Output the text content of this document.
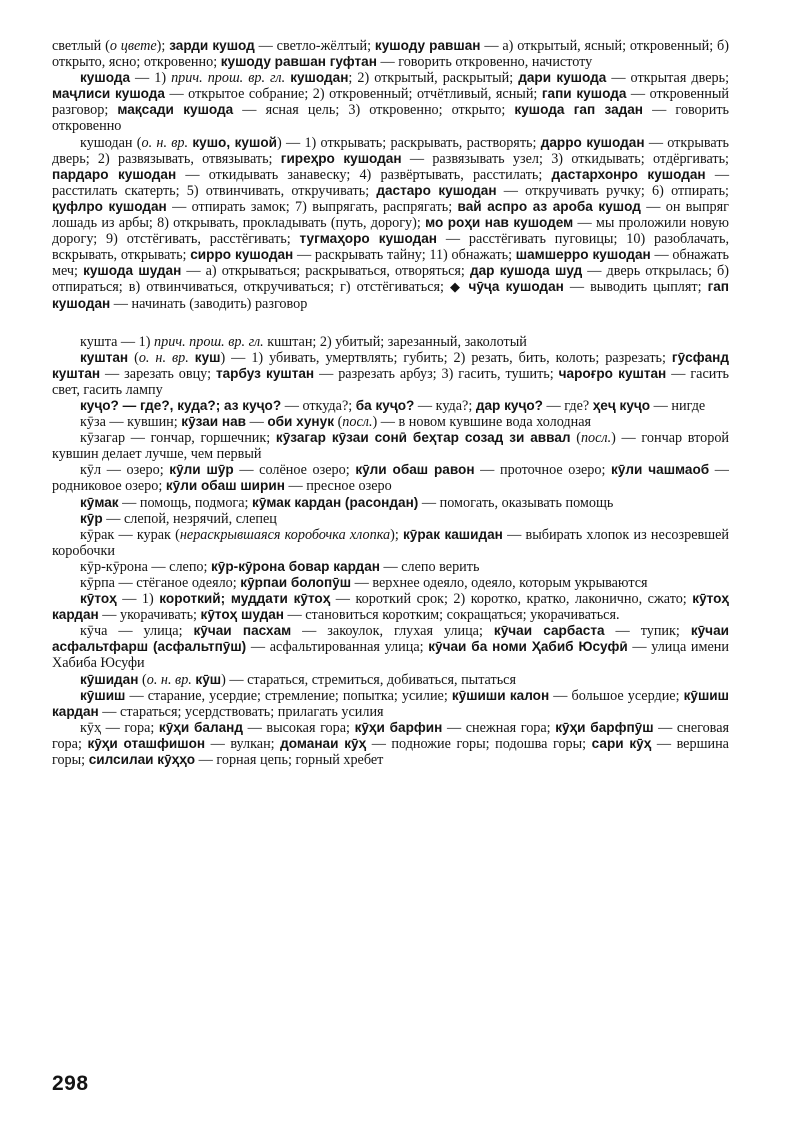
светлый (о цвете); зарди кушод — светло-жёлтый; кушоду равшан — а) открытый, ясный; откровенный; б) открыто, ясно; откровенно; кушоду равшан гуфтан — говорить откровенно, начистоту

кушода — 1) прич. прош. вр. гл. кушодан; 2) открытый, раскрытый; дари кушода — открытая дверь; маҷлиси кушода — открытое собрание; 2) откровенный; отчётливый, ясный; гапи кушода — откровенный разговор; мақсади кушода — ясная цель; 3) откровенно; открыто; кушода гап задан — говорить откровенно

кушодан (о. н. вр. кушо, кушой) — 1) открывать; раскрывать, растворять; дарро кушодан — открывать дверь; 2) развязывать, отвязывать; гиреҳро кушодан — развязывать узел; 3) откидывать; отдёргивать; пардаро кушодан — откидывать занавеску; 4) развёртывать, расстилать; дастархонро кушодан — расстилать скатерть; 5) отвинчивать, откручивать; дастаро кушодан — откручивать ручку; 6) отпирать; қуфлро кушодан — отпирать замок; 7) выпрягать, распрягать; вай аспро аз ароба кушод — он выпряг лошадь из арбы; 8) открывать, прокладывать (путь, дорогу); мо роҳи нав кушодем — мы проложили новую дорогу; 9) отстёгивать, расстёгивать; тугмаҳоро кушодан — расстёгивать пуговицы; 10) разоблачать, вскрывать, открывать; сирро кушодан — раскрывать тайну; 11) обнажать; шамшерро кушодан — обнажать меч; кушода шудан — а) открываться; раскрываться, отворяться; дар кушода шуд — дверь открылась; б) отпираться; в) отвинчиваться, откручиваться; г) отстёгиваться; ◆ чӯҷа кушодан — выводить цыплят; гап кушодан — начинать (заводить) разговор

кушта — 1) прич. прош. вр. гл. кuштан; 2) убитый; зарезанный, заколотый

куштан (о. н. вр. куш) — 1) убивать, умертвлять; губить; 2) резать, бить, колоть; разрезать; гӯсфанд куштан — зарезать овцу; тарбуз куштан — разрезать арбуз; 3) гасить, тушить; чароғро куштан — гасить свет, гасить лампу

куҷо? — где?, куда?; аз куҷо? — откуда?; ба куҷо? — куда?; дар куҷо? — где? ҳеҷ куҷо — нигде

кӯза — кувшин; кӯзаи нав — оби хунук (посл.) — в новом кувшине вода холодная

кӯзагар — гончар, горшечник; кӯзагар кӯзаи сонӣ беҳтар созад зи аввал (посл.) — гончар второй кувшин делает лучше, чем первый

кӯл — озеро; кӯли шӯр — солёное озеро; кӯли обаш равон — проточное озеро; кӯли чашмаоб — родниковое озеро; кӯли обаш ширин — пресное озеро

кӯмак — помощь, подмога; кӯмак кардан (расондан) — помогать, оказывать помощь

кӯр — слепой, незрячий, слепец

кӯрак — курак (нераскрывшаяся коробочка хлопка); кӯрак кашидан — выбирать хлопок из несозревшей коробочки

кӯр-кӯрона — слепо; кӯр-кӯрона бовар кардан — слепо верить

кӯрпа — стёганое одеяло; кӯрпаи болопӯш — верхнее одеяло, одеяло, которым укрываются

кӯтоҳ — 1) короткий; муддати кӯтоҳ — короткий срок; 2) коротко, кратко, лаконично, сжато; кӯтоҳ кардан — укорачивать; кӯтоҳ шудан — становиться коротким; сокращаться; укорачиваться.

кӯча — улица; кӯчаи пасхам — закоулок, глухая улица; кӯчаи сарбаста — тупик; кӯчаи асфальтфарш (асфальтпӯш) — асфальтированная улица; кӯчаи ба номи Ҳабиб Юсуфӣ — улица имени Хабиба Юсуфи

кӯшидан (о. н. вр. кӯш) — стараться, стремиться, добиваться, пытаться

кӯшиш — старание, усердие; стремление; попытка; усилие; кӯшиши калон — большое усердие; кӯшиш кардан — стараться; усердствовать; прилагать усилия

кӯҳ — гора; кӯҳи баланд — высокая гора; кӯҳи барфин — снежная гора; кӯҳи барфпӯш — снеговая гора; кӯҳи оташфишон — вулкан; доманаи кӯҳ — подножие горы; подошва горы; сари кӯҳ — вершина горы; силсилаи кӯҳҳо — горная цепь; горный хребет

298
